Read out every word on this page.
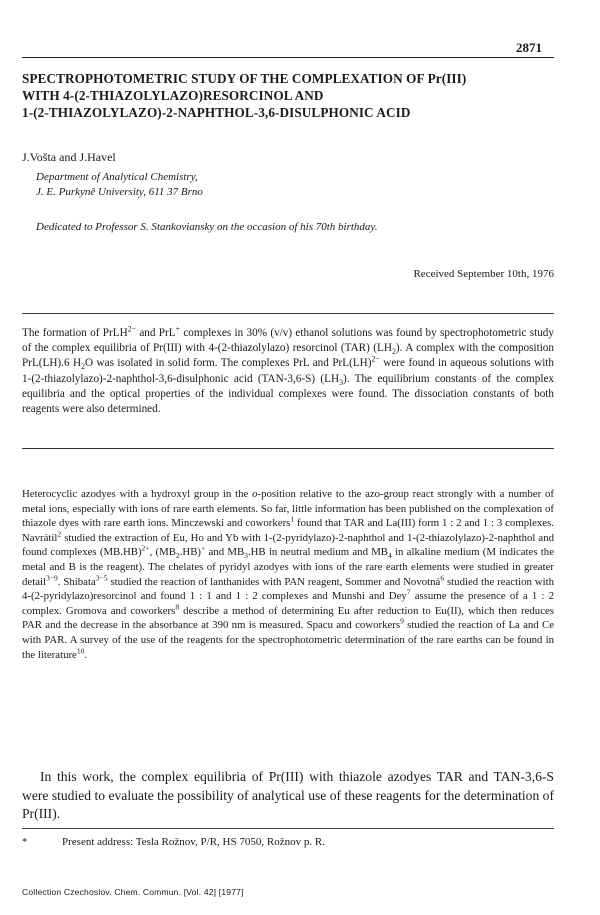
2871
SPECTROPHOTOMETRIC STUDY OF THE COMPLEXATION OF Pr(III)
WITH 4-(2-THIAZOLYLAZO)RESORCINOL AND
1-(2-THIAZOLYLAZO)-2-NAPHTHOL-3,6-DISULPHONIC ACID
J.Vošta and J.Havel
Department of Analytical Chemistry,
J. E. Purkyně University, 611 37 Brno
Dedicated to Professor S. Stankoviansky on the occasion of his 70th birthday.
Received September 10th, 1976
The formation of PrLH$^{2-}$ and PrL+ complexes in 30% (v/v) ethanol solutions was found by spectrophotometric study of the complex equilibria of Pr(III) with 4-(2-thiazolylazo) resorcinol (TAR) $(LH_2)$. A complex with the composition PrL(LH).6 $H_2O$ was isolated in solid form. The complexes PrL and PrL(LH)$^{2-}$ were found in aqueous solutions with 1-(2-thiazolylazo)-2-naphthol-3,6-disulphonic acid (TAN-3,6-S) $(LH_3)$. The equilibrium constants of the complex equilibria and the optical properties of the individual complexes were found. The dissociation constants of both reagents were also determined.
Heterocyclic azodyes with a hydroxyl group in the o-position relative to the azo-group react strongly with a number of metal ions, especially with ions of rare earth elements. So far, little information has been published on the complexation of thiazole dyes with rare earth ions. Minczewski and coworkers$^1$ found that TAR and La(III) form 1 : 2 and 1 : 3 complexes. Navrátil$^2$ studied the extraction of Eu, Ho and Yb with 1-(2-pyridylazo)-2-naphthol and 1-(2-thiazolylazo)-2-naphthol and found complexes $(MB.HB)^{2+}$, $(MB_2.HB)^+$ and $MB_3.HB$ in neutral medium and $MB_4$ in alkaline medium (M indicates the metal and B is the reagent). The chelates of pyridyl azodyes with ions of the rare earth elements were studied in greater detail$^{3-9}$. Shibata$^{3-5}$ studied the reaction of lanthanides with PAN reagent, Sommer and Novotná$^6$ studied the reaction with 4-(2-pyridylazo)resorcinol and found 1 : 1 and 1 : 2 complexes and Munshi and Dey$^7$ assume the presence of a 1 : 2 complex. Gromova and coworkers$^8$ describe a method of determining Eu after reduction to Eu(II), which then reduces PAR and the decrease in the absorbance at 390 nm is measured. Spacu and coworkers$^9$ studied the reaction of La and Ce with PAR. A survey of the use of the reagents for the spectrophotometric determination of the rare earths can be found in the literature$^{10}$.
In this work, the complex equilibria of Pr(III) with thiazole azodyes TAR and TAN-3,6-S were studied to evaluate the possibility of analytical use of these reagents for the determination of Pr(III).
*	Present address: Tesla Rožnov, P/R, HS 7050, Rožnov p. R.
Collection Czechoslov. Chem. Commun. [Vol. 42] [1977]
